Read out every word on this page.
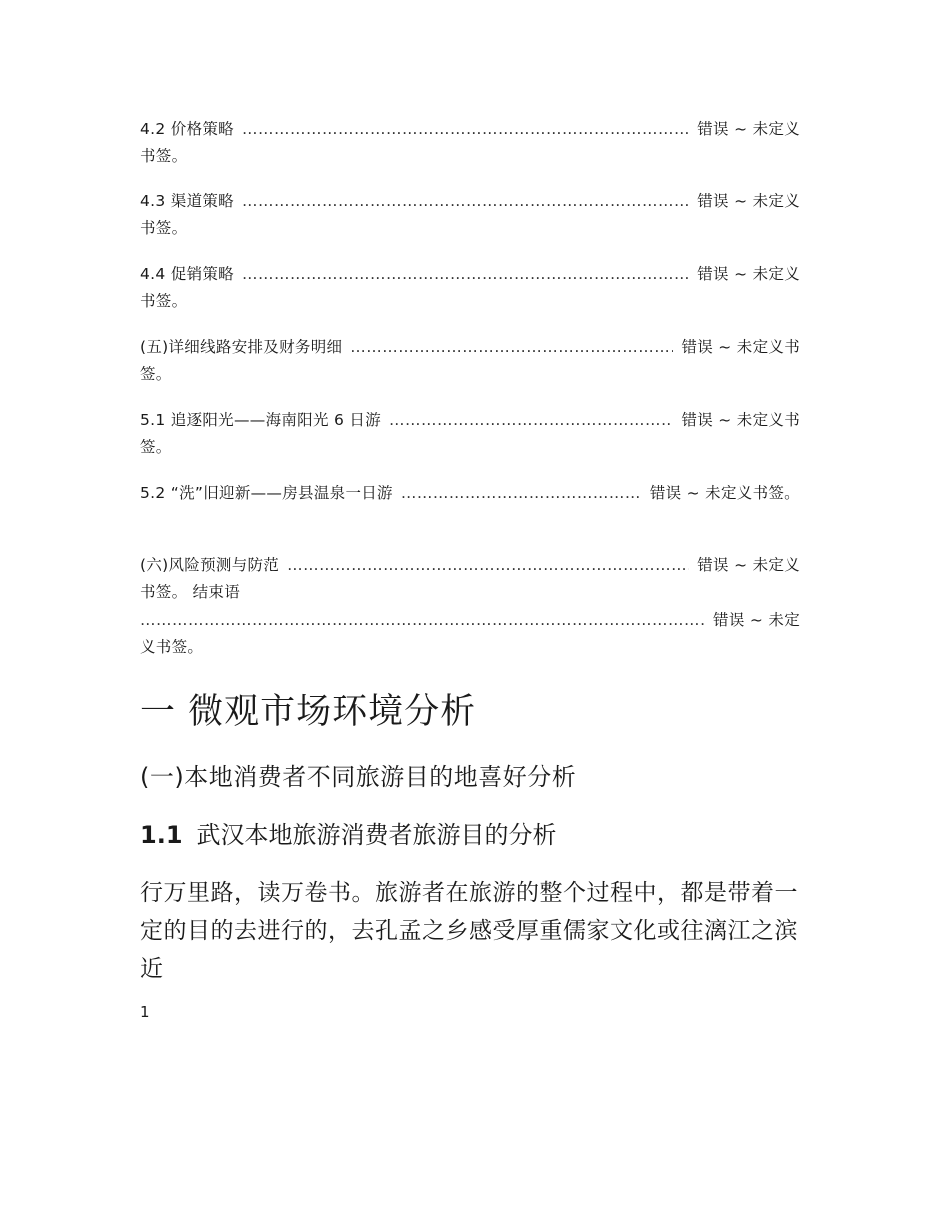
4.2 价格策略 …………………………………………………………………………………………………………………………………………………………	错误 ~ 未定义
书签。
4.3 渠道策略 …………………………………………………………………………………………………………………………………………………………	错误 ~ 未定义
书签。
4.4 促销策略 …………………………………………………………………………………………………………………………………………………………	错误 ~ 未定义
书签。
(五)详细线路安排及财务明细 …………………………………………………………………………………………………………………………………………………………	错误 ~ 未定义书
签。
5.1 追逐阳光——海南阳光 6 日游 …………………………………………………………………………………………………………………………………………………………	错误 ~ 未定义书
签。
5.2 “洗”旧迎新——房县温泉一日游 …………………………………………………………………………………………………………………………………………………………	错误 ~ 未定义书签。
(六)风险预测与防范 …………………………………………………………………………………………………………………………………………………………	错误 ~ 未定义
书签。 结束语
…………………………………………………………………………………………………………………………………………………………
错误 ~ 未定
义书签。
一 微观市场环境分析
(一)本地消费者不同旅游目的地喜好分析
1.1 武汉本地旅游消费者旅游目的分析

行万里路，读万卷书。旅游者在旅游的整个过程中，都是带着一定的目的去进行的，去孔孟之乡感受厚重儒家文化或往漓江之滨近

1
